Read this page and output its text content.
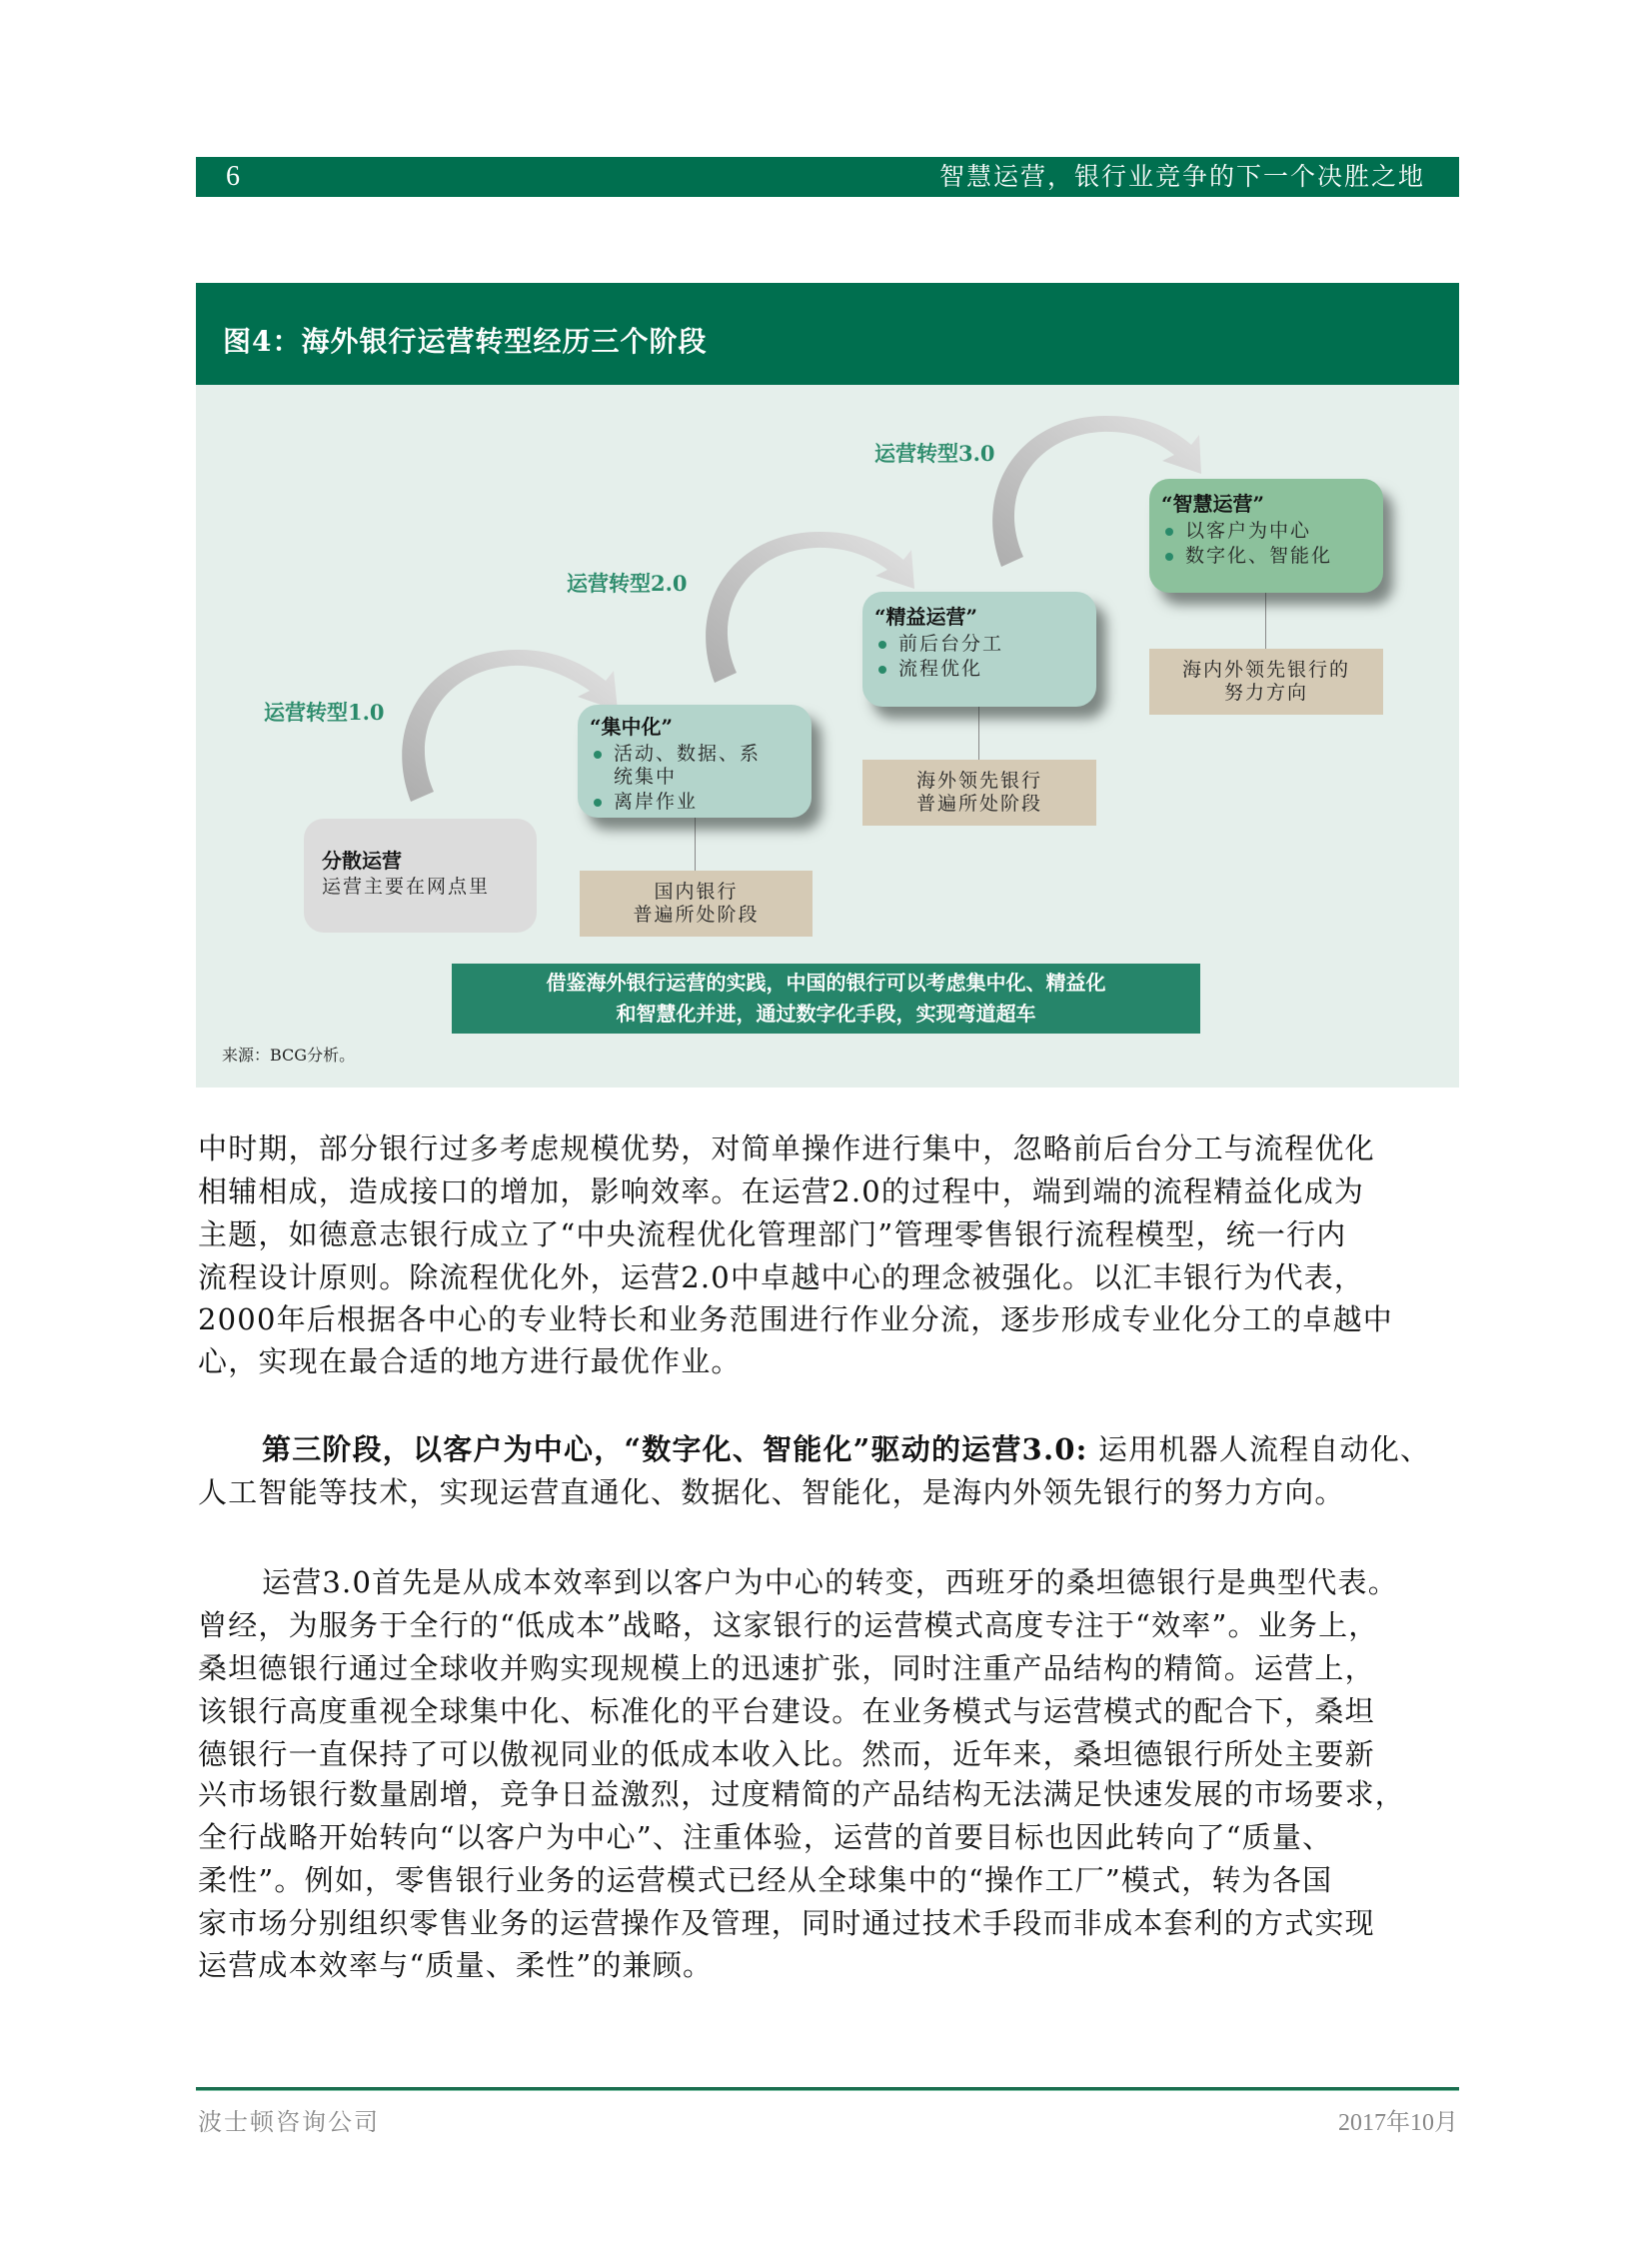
6	智慧运营，银行业竞争的下一个决胜之地
图4：海外银行运营转型经历三个阶段
运营转型1.0
运营转型2.0
运营转型3.0
分散运营
运营主要在网点里
“集中化”
活动、数据、系统集中
离岸作业
国内银行
普遍所处阶段
“精益运营”
前后台分工
流程优化
海外领先银行
普遍所处阶段
“智慧运营”
以客户为中心
数字化、智能化
海内外领先银行的
努力方向
借鉴海外银行运营的实践，中国的银行可以考虑集中化、精益化
和智慧化并进，通过数字化手段，实现弯道超车
来源：BCG分析。
中时期，部分银行过多考虑规模优势，对简单操作进行集中，忽略前后台分工与流程优化
相辅相成，造成接口的增加，影响效率。在运营2.0的过程中，端到端的流程精益化成为
主题，如德意志银行成立了“中央流程优化管理部门”管理零售银行流程模型，统一行内
流程设计原则。除流程优化外，运营2.0中卓越中心的理念被强化。以汇丰银行为代表，
2000年后根据各中心的专业特长和业务范围进行作业分流，逐步形成专业化分工的卓越中
心，实现在最合适的地方进行最优作业。
第三阶段，以客户为中心，“数字化、智能化”驱动的运营3.0: 运用机器人流程自动化、
人工智能等技术，实现运营直通化、数据化、智能化，是海内外领先银行的努力方向。
运营3.0首先是从成本效率到以客户为中心的转变，西班牙的桑坦德银行是典型代表。
曾经，为服务于全行的“低成本”战略，这家银行的运营模式高度专注于“效率”。业务上，
桑坦德银行通过全球收并购实现规模上的迅速扩张，同时注重产品结构的精简。运营上，
该银行高度重视全球集中化、标准化的平台建设。在业务模式与运营模式的配合下，桑坦
德银行一直保持了可以傲视同业的低成本收入比。然而，近年来，桑坦德银行所处主要新
兴市场银行数量剧增，竞争日益激烈，过度精简的产品结构无法满足快速发展的市场要求，
全行战略开始转向“以客户为中心”、注重体验，运营的首要目标也因此转向了“质量、
柔性”。例如，零售银行业务的运营模式已经从全球集中的“操作工厂”模式，转为各国
家市场分别组织零售业务的运营操作及管理，同时通过技术手段而非成本套利的方式实现
运营成本效率与“质量、柔性”的兼顾。
波士顿咨询公司	2017年10月
